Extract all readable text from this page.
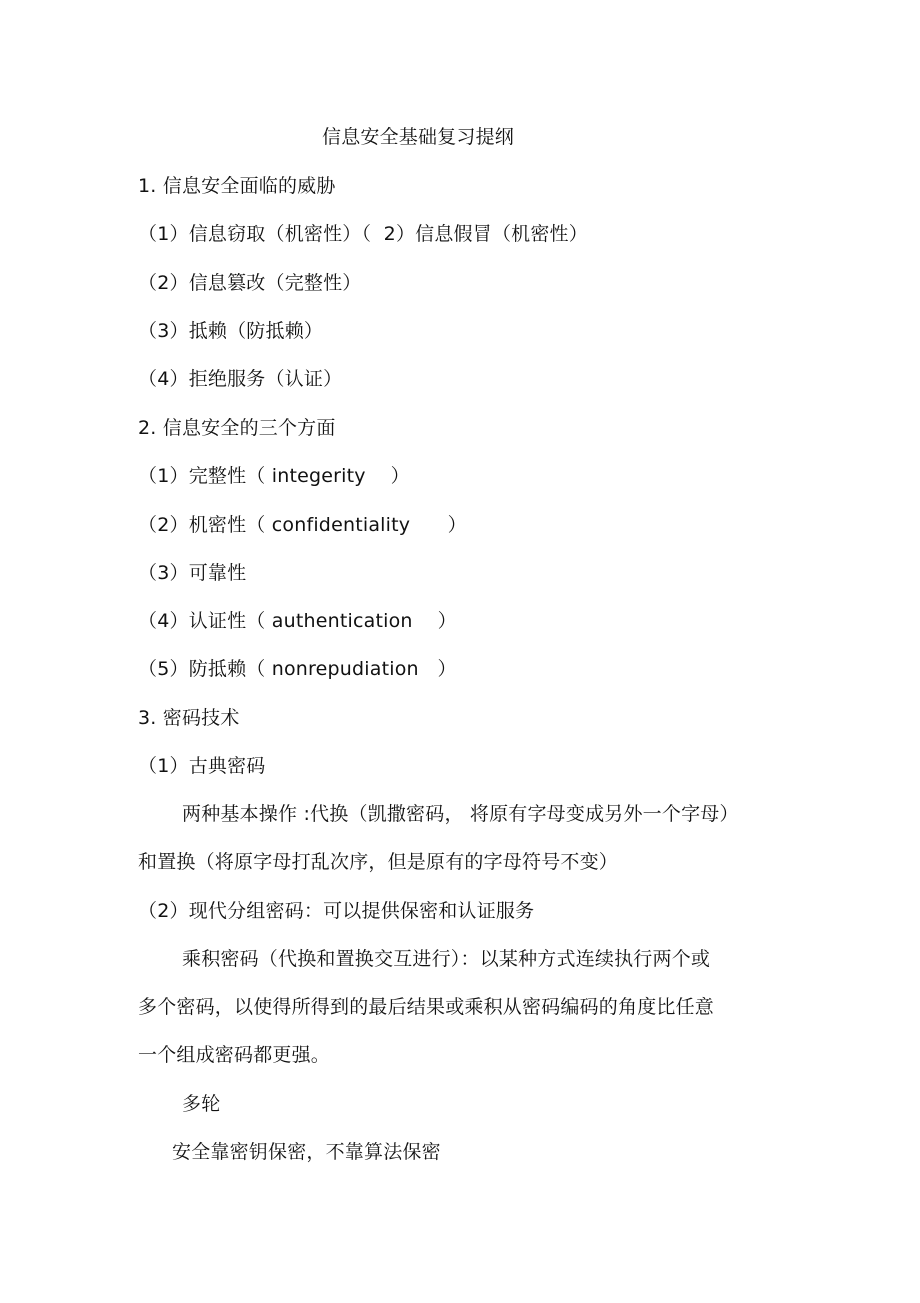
信息安全基础复习提纲
1. 信息安全面临的威胁
（1）信息窃取（机密性）（  2）信息假冒（机密性）
（2）信息篡改（完整性）
（3）抵赖（防抵赖）
（4）拒绝服务（认证）
2. 信息安全的三个方面
（1）完整性（ integerity    ）
（2）机密性（ confidentiality      ）
（3）可靠性
（4）认证性（ authentication    ）
（5）防抵赖（ nonrepudiation   ）
3. 密码技术
（1）古典密码
两种基本操作 :代换（凯撒密码， 将原有字母变成另外一个字母）
和置换（将原字母打乱次序，但是原有的字母符号不变）
（2）现代分组密码：可以提供保密和认证服务
乘积密码（代换和置换交互进行）：以某种方式连续执行两个或
多个密码，以使得所得到的最后结果或乘积从密码编码的角度比任意
一个组成密码都更强。
多轮
安全靠密钥保密，不靠算法保密
